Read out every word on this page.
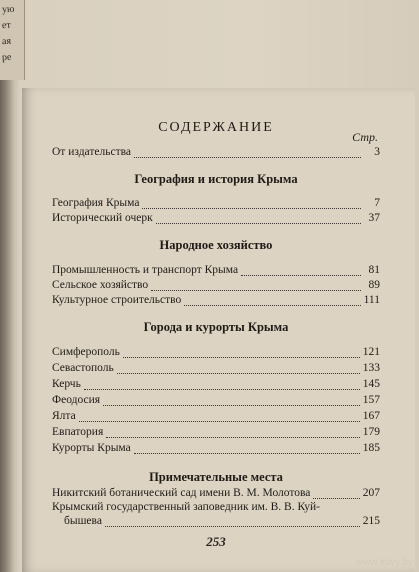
ую
ет
ая
ре
СОДЕРЖАНИЕ
Стр.
От издательства	3
География и история Крыма
География Крыма	7
Исторический очерк	37
Народное хозяйство
Промышленность и транспорт Крыма	81
Сельское хозяйство	89
Культурное строительство	111
Города и курорты Крыма
Симферополь	121
Севастополь	133
Керчь	145
Феодосия	157
Ялта	167
Евпатория	179
Курорты Крыма	185
Примечательные места
Никитский ботанический сад имени В. М. Молотова	207
Крымский государственный заповедник им. В. В. Куй-
бышева	215
253
www.kuvy.by
